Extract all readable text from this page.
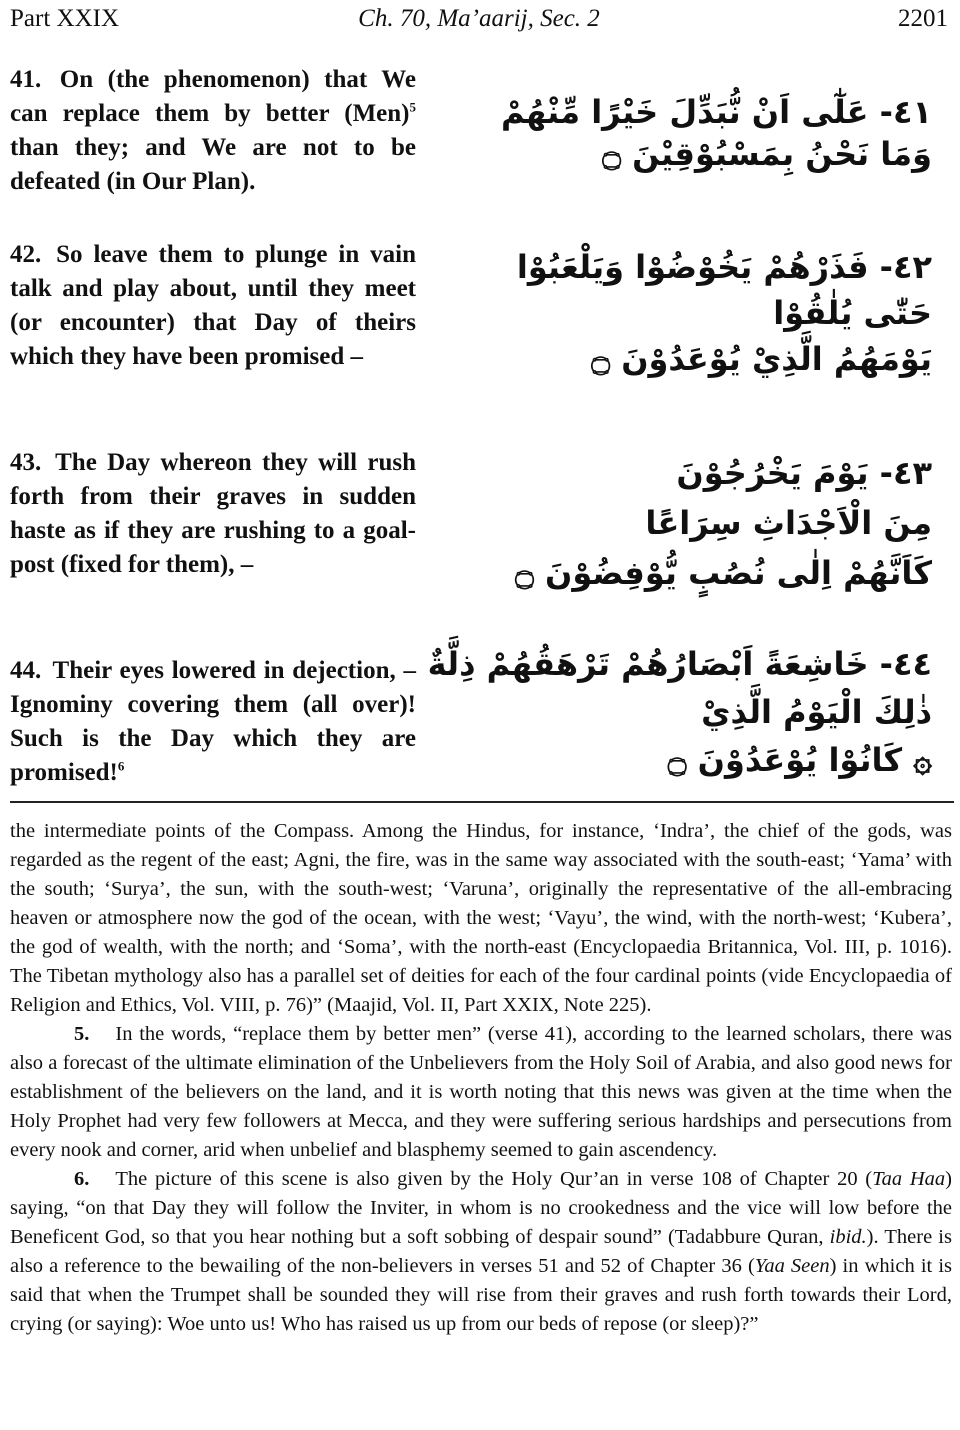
Part XXIX	Ch. 70, Ma’aarij, Sec. 2	2201
41. On (the phenomenon) that We can replace them by better (Men)$^5$ than they; and We are not to be defeated (in Our Plan).
٤١- عَلٰٓى اَنْ نُّبَدِّلَ خَيْرًا مِّنْهُمْ
وَمَا نَحْنُ بِمَسْبُوْقِيْنَ ۝
42. So leave them to plunge in vain talk and play about, until they meet (or encounter) that Day of theirs which they have been promised –
٤٢- فَذَرْهُمْ يَخُوْضُوْا وَيَلْعَبُوْا
حَتّٰى يُلٰقُوْا
يَوْمَهُمُ الَّذِيْ يُوْعَدُوْنَ ۝
43. The Day whereon they will rush forth from their graves in sudden haste as if they are rushing to a goal-post (fixed for them), –
٤٣- يَوْمَ يَخْرُجُوْنَ
مِنَ الْاَجْدَاثِ سِرَاعًا
كَاَنَّهُمْ اِلٰى نُصُبٍ يُّوْفِضُوْنَ ۝
44. Their eyes lowered in dejection, – Ignominy covering them (all over)! Such is the Day which they are promised!$^6$
٤٤- خَاشِعَةً اَبْصَارُهُمْ تَرْهَقُهُمْ ذِلَّةٌ
ذٰلِكَ الْيَوْمُ الَّذِيْ
۞ كَانُوْا يُوْعَدُوْنَ ۝

the intermediate points of the Compass. Among the Hindus, for instance, ‘Indra’, the chief of the gods, was regarded as the regent of the east; Agni, the fire, was in the same way associated with the south-east; ‘Yama’ with the south; ‘Surya’, the sun, with the south-west; ‘Varuna’, originally the representative of the all-embracing heaven or atmosphere now the god of the ocean, with the west; ‘Vayu’, the wind, with the north-west; ‘Kubera’, the god of wealth, with the north; and ‘Soma’, with the north-east (Encyclopaedia Britannica, Vol. III, p. 1016). The Tibetan mythology also has a parallel set of deities for each of the four cardinal points (vide Encyclopaedia of Religion and Ethics, Vol. VIII, p. 76)” (Maajid, Vol. II, Part XXIX, Note 225).

5. In the words, “replace them by better men” (verse 41), according to the learned scholars, there was also a forecast of the ultimate elimination of the Unbelievers from the Holy Soil of Arabia, and also good news for establishment of the believers on the land, and it is worth noting that this news was given at the time when the Holy Prophet had very few followers at Mecca, and they were suffering serious hardships and persecutions from every nook and corner, arid when unbelief and blasphemy seemed to gain ascendency.

6. The picture of this scene is also given by the Holy Qur’an in verse 108 of Chapter 20 (Taa Haa) saying, “on that Day they will follow the Inviter, in whom is no crookedness and the vice will low before the Beneficent God, so that you hear nothing but a soft sobbing of despair sound” (Tadabbure Quran, ibid.). There is also a reference to the bewailing of the non-believers in verses 51 and 52 of Chapter 36 (Yaa Seen) in which it is said that when the Trumpet shall be sounded they will rise from their graves and rush forth towards their Lord, crying (or saying): Woe unto us! Who has raised us up from our beds of repose (or sleep)?”
